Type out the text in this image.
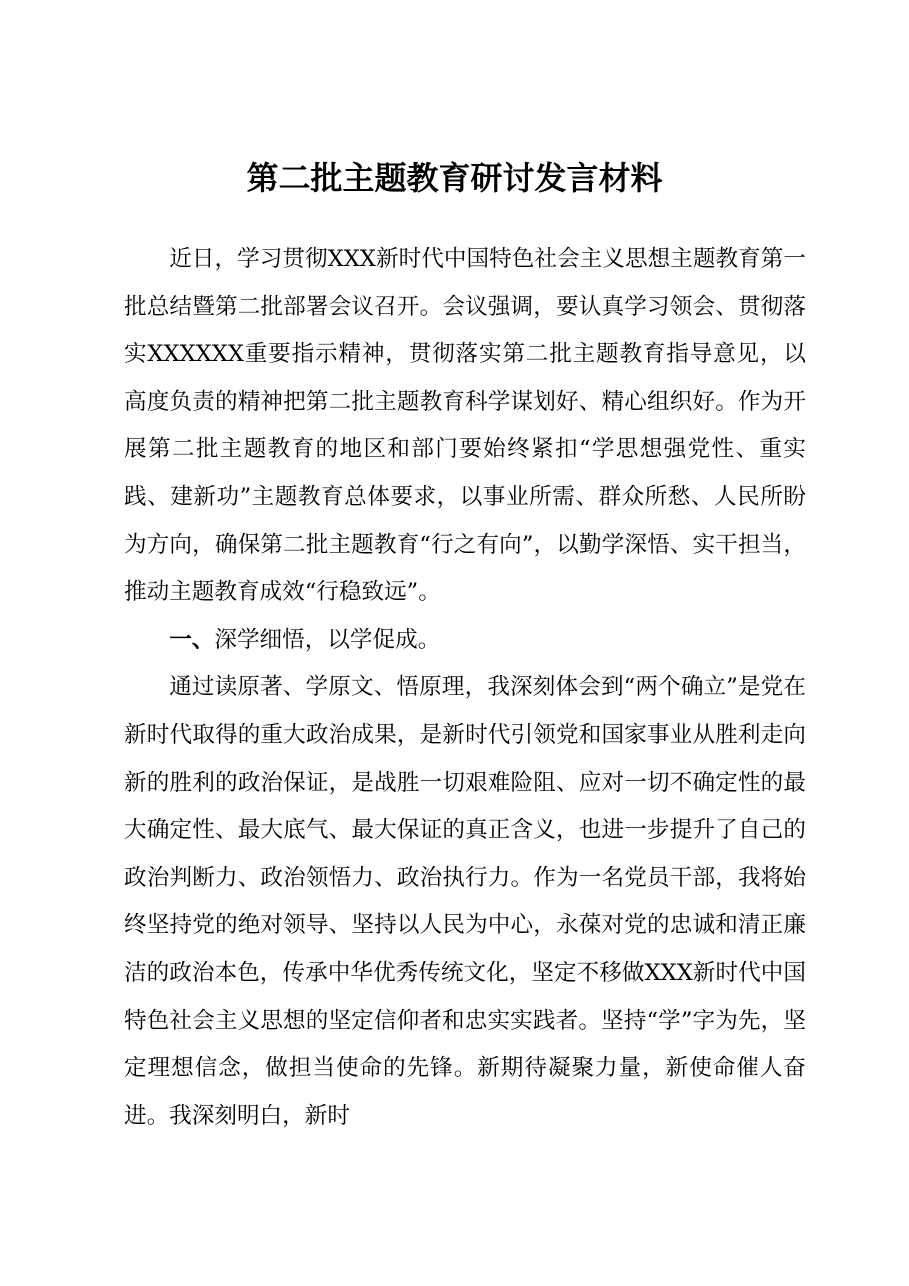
第二批主题教育研讨发言材料

近日，学习贯彻XXX新时代中国特色社会主义思想主题教育第一批总结暨第二批部署会议召开。会议强调，要认真学习领会、贯彻落实XXXXXX重要指示精神，贯彻落实第二批主题教育指导意见，以高度负责的精神把第二批主题教育科学谋划好、精心组织好。作为开展第二批主题教育的地区和部门要始终紧扣“学思想强党性、重实践、建新功”主题教育总体要求，以事业所需、群众所愁、人民所盼为方向，确保第二批主题教育“行之有向”，以勤学深悟、实干担当，推动主题教育成效“行稳致远”。

一、深学细悟，以学促成。

通过读原著、学原文、悟原理，我深刻体会到“两个确立”是党在新时代取得的重大政治成果，是新时代引领党和国家事业从胜利走向新的胜利的政治保证，是战胜一切艰难险阻、应对一切不确定性的最大确定性、最大底气、最大保证的真正含义，也进一步提升了自己的政治判断力、政治领悟力、政治执行力。作为一名党员干部，我将始终坚持党的绝对领导、坚持以人民为中心，永葆对党的忠诚和清正廉洁的政治本色，传承中华优秀传统文化，坚定不移做XXX新时代中国特色社会主义思想的坚定信仰者和忠实实践者。坚持“学”字为先，坚定理想信念，做担当使命的先锋。新期待凝聚力量，新使命催人奋进。我深刻明白，新时
